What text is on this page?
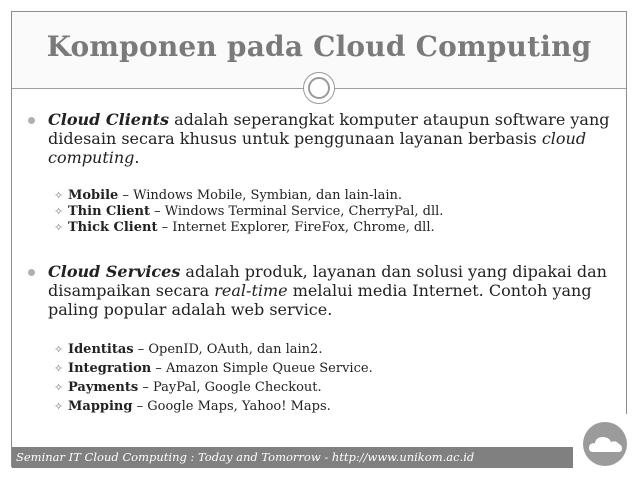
Komponen pada Cloud Computing
Cloud Clients adalah seperangkat komputer ataupun software yang didesain secara khusus untuk penggunaan layanan berbasis cloud computing.
✧ Mobile – Windows Mobile, Symbian, dan lain-lain.
✧ Thin Client – Windows Terminal Service, CherryPal, dll.
✧ Thick Client – Internet Explorer, FireFox, Chrome, dll.
Cloud Services adalah produk, layanan dan solusi yang dipakai dan disampaikan secara real-time melalui media Internet. Contoh yang paling popular adalah web service.
✧ Identitas – OpenID, OAuth, dan lain2.
✧ Integration – Amazon Simple Queue Service.
✧ Payments – PayPal, Google Checkout.
✧ Mapping – Google Maps, Yahoo! Maps.
Seminar IT Cloud Computing : Today and Tomorrow - http://www.unikom.ac.id
